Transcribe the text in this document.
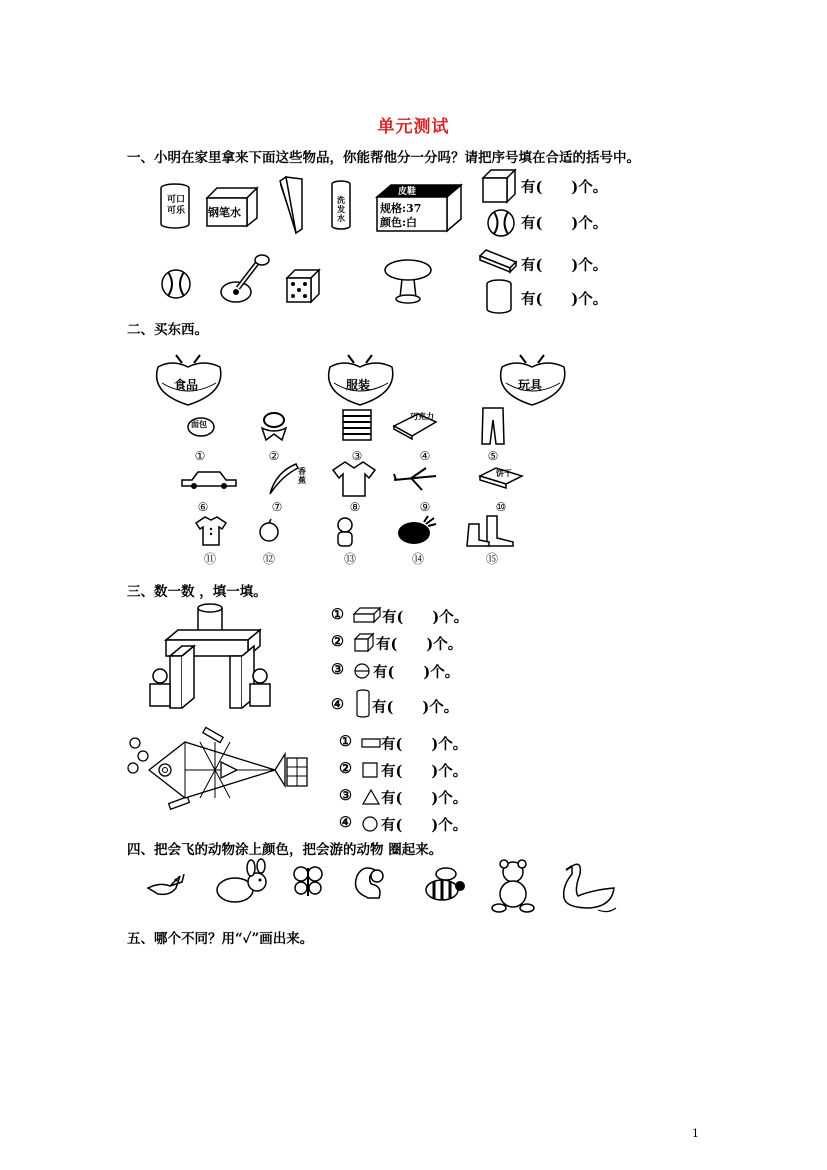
单元测试
一、小明在家里拿来下面这些物品，你能帮他分一分吗？请把序号填在合适的括号中。
可口可乐	钢笔水
洗发水
皮鞋
规格:37
颜色:白
有(　　)个。
有(　　)个。
有(　　)个。
有(　　)个。
二、买东西。
食品	服装	玩具
面包
巧克力
①	②	③	④	⑤
香蕉
饼干
⑥	⑦	⑧	⑨	⑩
⑪	⑫	⑬	⑭	⑮
三、数一数 ，填一填。
①	有(　　)个。
② 有(　　)个。
③ 有(　　)个。
④ 有(　　)个。
① 有(　　)个。
② 有(　　)个。
③ 有(　　)个。
④ 有(　　)个。
四、把会飞的动物涂上颜色，把会游的动物 圈起来。
五、哪个不同？用“✓”画出来。
1
